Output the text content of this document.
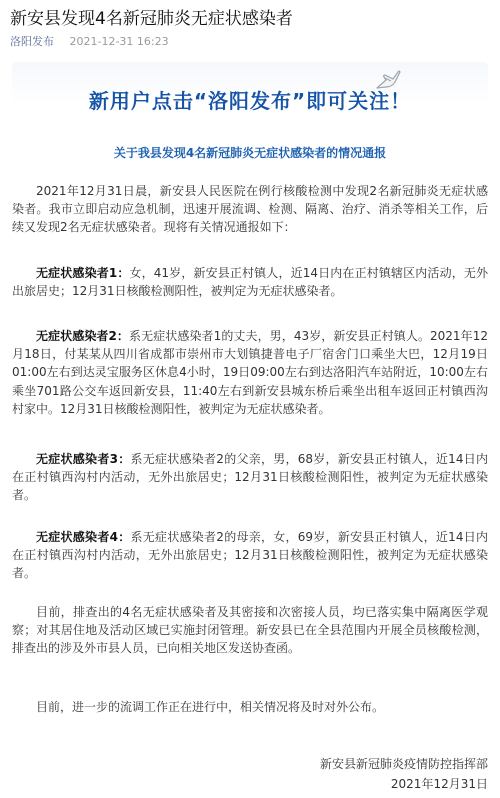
新安县发现4名新冠肺炎无症状感染者
洛阳发布 2021-12-31 16:23
新用户点击“洛阳发布”即可关注！
关于我县发现4名新冠肺炎无症状感染者的情况通报

2021年12月31日晨，新安县人民医院在例行核酸检测中发现2名新冠肺炎无症状感染者。我市立即启动应急机制，迅速开展流调、检测、隔离、治疗、消杀等相关工作，后续又发现2名无症状感染者。现将有关情况通报如下：

无症状感染者1：女，41岁，新安县正村镇人，近14日内在正村镇辖区内活动，无外出旅居史；12月31日核酸检测阳性，被判定为无症状感染者。

无症状感染者2：系无症状感染者1的丈夫，男，43岁，新安县正村镇人。2021年12月18日，付某某从四川省成都市崇州市大划镇捷普电子厂宿舍门口乘坐大巴，12月19日01:00左右到达灵宝服务区休息4小时，19日09:00左右到达洛阳汽车站附近，10:00左右乘坐701路公交车返回新安县，11:40左右到新安县城东桥后乘坐出租车返回正村镇西沟村家中。12月31日核酸检测阳性，被判定为无症状感染者。

无症状感染者3：系无症状感染者2的父亲，男，68岁，新安县正村镇人，近14日内在正村镇西沟村内活动，无外出旅居史；12月31日核酸检测阳性，被判定为无症状感染者。

无症状感染者4：系无症状感染者2的母亲，女，69岁，新安县正村镇人，近14日内在正村镇西沟村内活动，无外出旅居史；12月31日核酸检测阳性，被判定为无症状感染者。

目前，排查出的4名无症状感染者及其密接和次密接人员，均已落实集中隔离医学观察；对其居住地及活动区域已实施封闭管理。新安县已在全县范围内开展全员核酸检测，排查出的涉及外市县人员，已向相关地区发送协查函。

目前，进一步的流调工作正在进行中，相关情况将及时对外公布。

新安县新冠肺炎疫情防控指挥部
2021年12月31日
